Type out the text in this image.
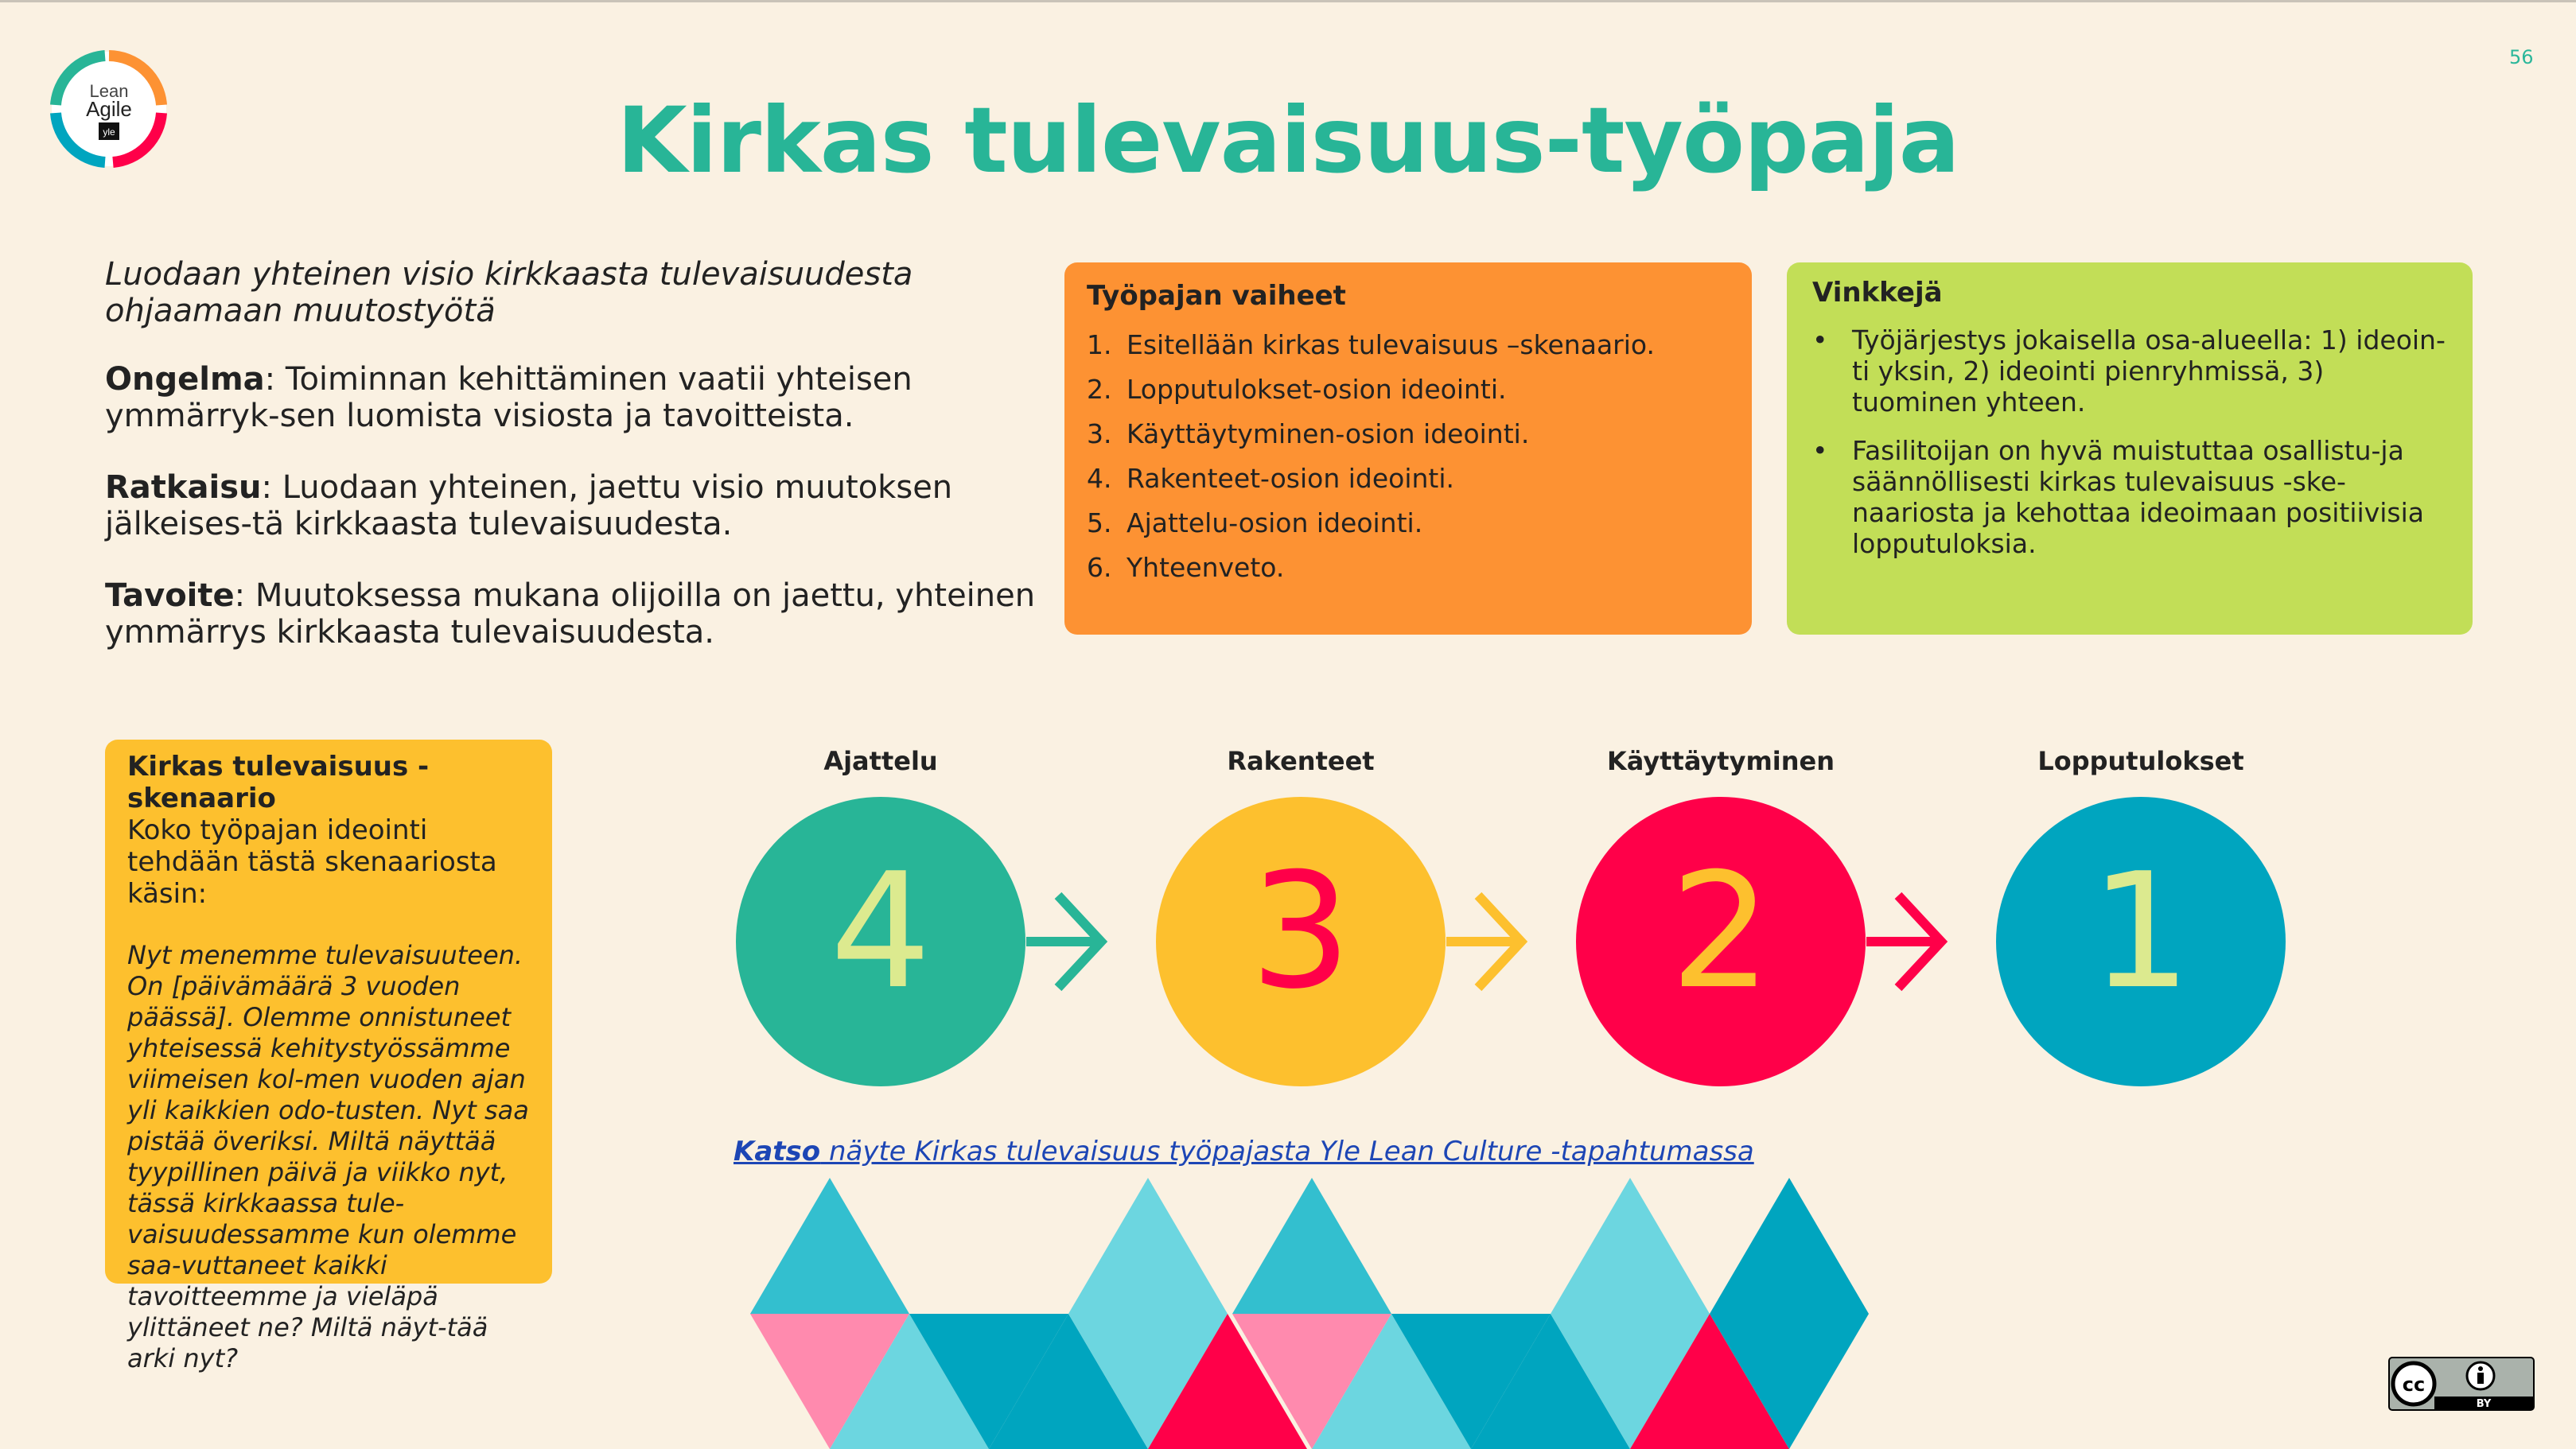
Lean
Agile
yle
56
Kirkas tulevaisuus-työpaja

Luodaan yhteinen visio kirkkaasta tulevaisuudesta ohjaamaan muutostyötä

Ongelma: Toiminnan kehittäminen vaatii yhteisen ymmärryk-sen luomista visiosta ja tavoitteista.

Ratkaisu: Luodaan yhteinen, jaettu visio muutoksen jälkeises-tä kirkkaasta tulevaisuudesta.

Tavoite: Muutoksessa mukana olijoilla on jaettu, yhteinen ymmärrys kirkkaasta tulevaisuudesta.

Työpajan vaiheet
1. Esitellään kirkas tulevaisuus –skenaario.
2. Lopputulokset-osion ideointi.
3. Käyttäytyminen-osion ideointi.
4. Rakenteet-osion ideointi.
5. Ajattelu-osion ideointi.
6. Yhteenveto.
Vinkkejä
• Työjärjestys jokaisella osa-alueella: 1) ideoin-ti yksin, 2) ideointi pienryhmissä, 3) tuominen yhteen.
• Fasilitoijan on hyvä muistuttaa osallistu-ja säännöllisesti kirkas tulevaisuus -ske-naariosta ja kehottaa ideoimaan positiivisia lopputuloksia.
Kirkas tulevaisuus -skenaario

Koko työpajan ideointi tehdään tästä skenaariosta käsin:

Nyt menemme tulevaisuuteen. On [päivämäärä 3 vuoden päässä]. Olemme onnistuneet yhteisessä kehitystyössämme viimeisen kol-men vuoden ajan yli kaikkien odo-tusten. Nyt saa pistää överiksi. Miltä näyttää tyypillinen päivä ja viikko nyt, tässä kirkkaassa tule-vaisuudessamme kun olemme saa-vuttaneet kaikki tavoitteemme ja vieläpä ylittäneet ne? Miltä näyt-tää arki nyt?

Ajattelu	Rakenteet	Käyttäytyminen	Lopputulokset
4 3 2 1
Katso näyte Kirkas tulevaisuus työpajasta Yle Lean Culture -tapahtumassa
cc
BY
